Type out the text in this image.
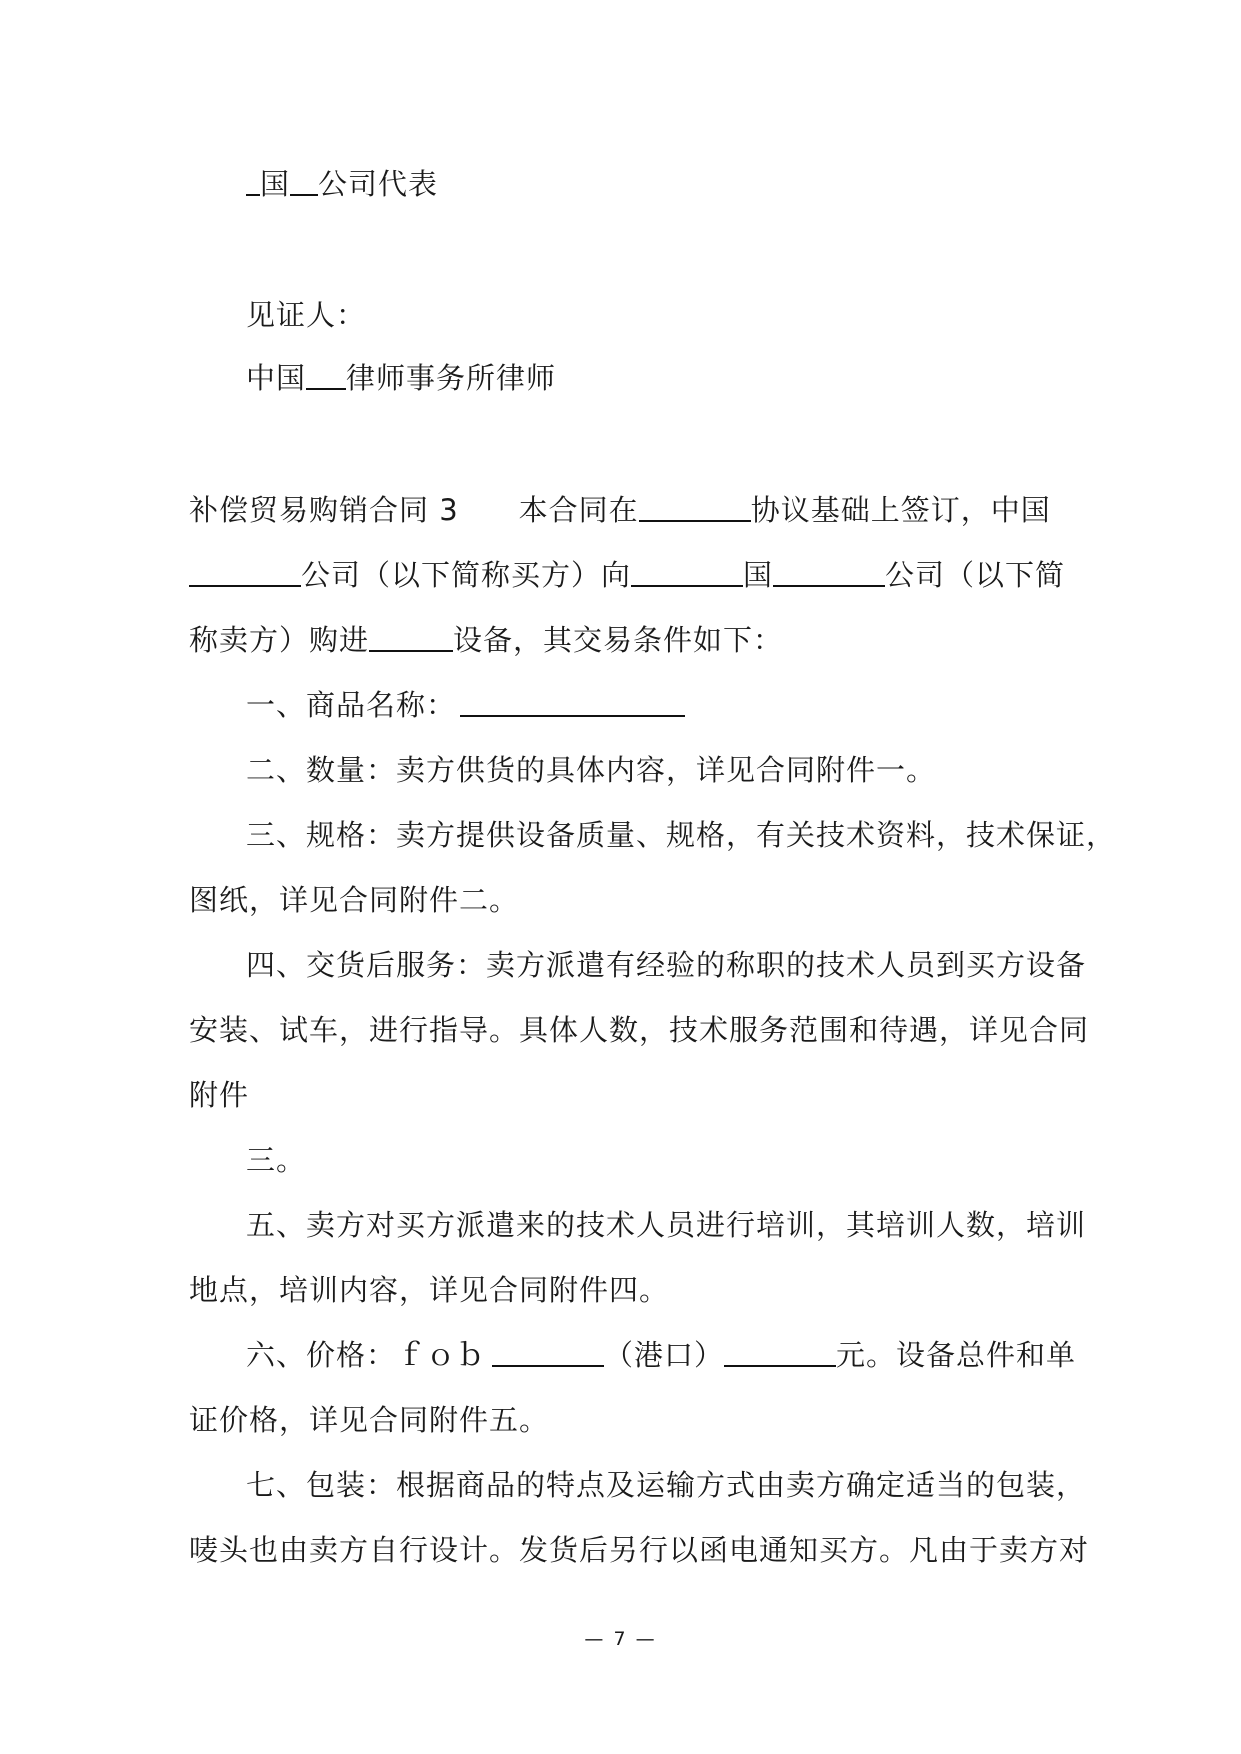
国 公司代表
见证人：
中国 律师事务所律师
补偿贸易购销合同 3 本合同在	协议基础上签订，中国
公司（以下简称买方）向	国	公司（以下简
称卖方）购进	设备，其交易条件如下：
一、商品名称：
二、数量：卖方供货的具体内容，详见合同附件一。
三、规格：卖方提供设备质量、规格，有关技术资料，技术保证，
图纸，详见合同附件二。
四、交货后服务：卖方派遣有经验的称职的技术人员到买方设备
安装、试车，进行指导。具体人数，技术服务范围和待遇，详见合同
附件
三。
五、卖方对买方派遣来的技术人员进行培训，其培训人数，培训
地点，培训内容，详见合同附件四。
六、价格：ｆｏｂ	（港口）	元。设备总件和单
证价格，详见合同附件五。
七、包装：根据商品的特点及运输方式由卖方确定适当的包装，
唛头也由卖方自行设计。发货后另行以函电通知买方。凡由于卖方对
— 7 —
